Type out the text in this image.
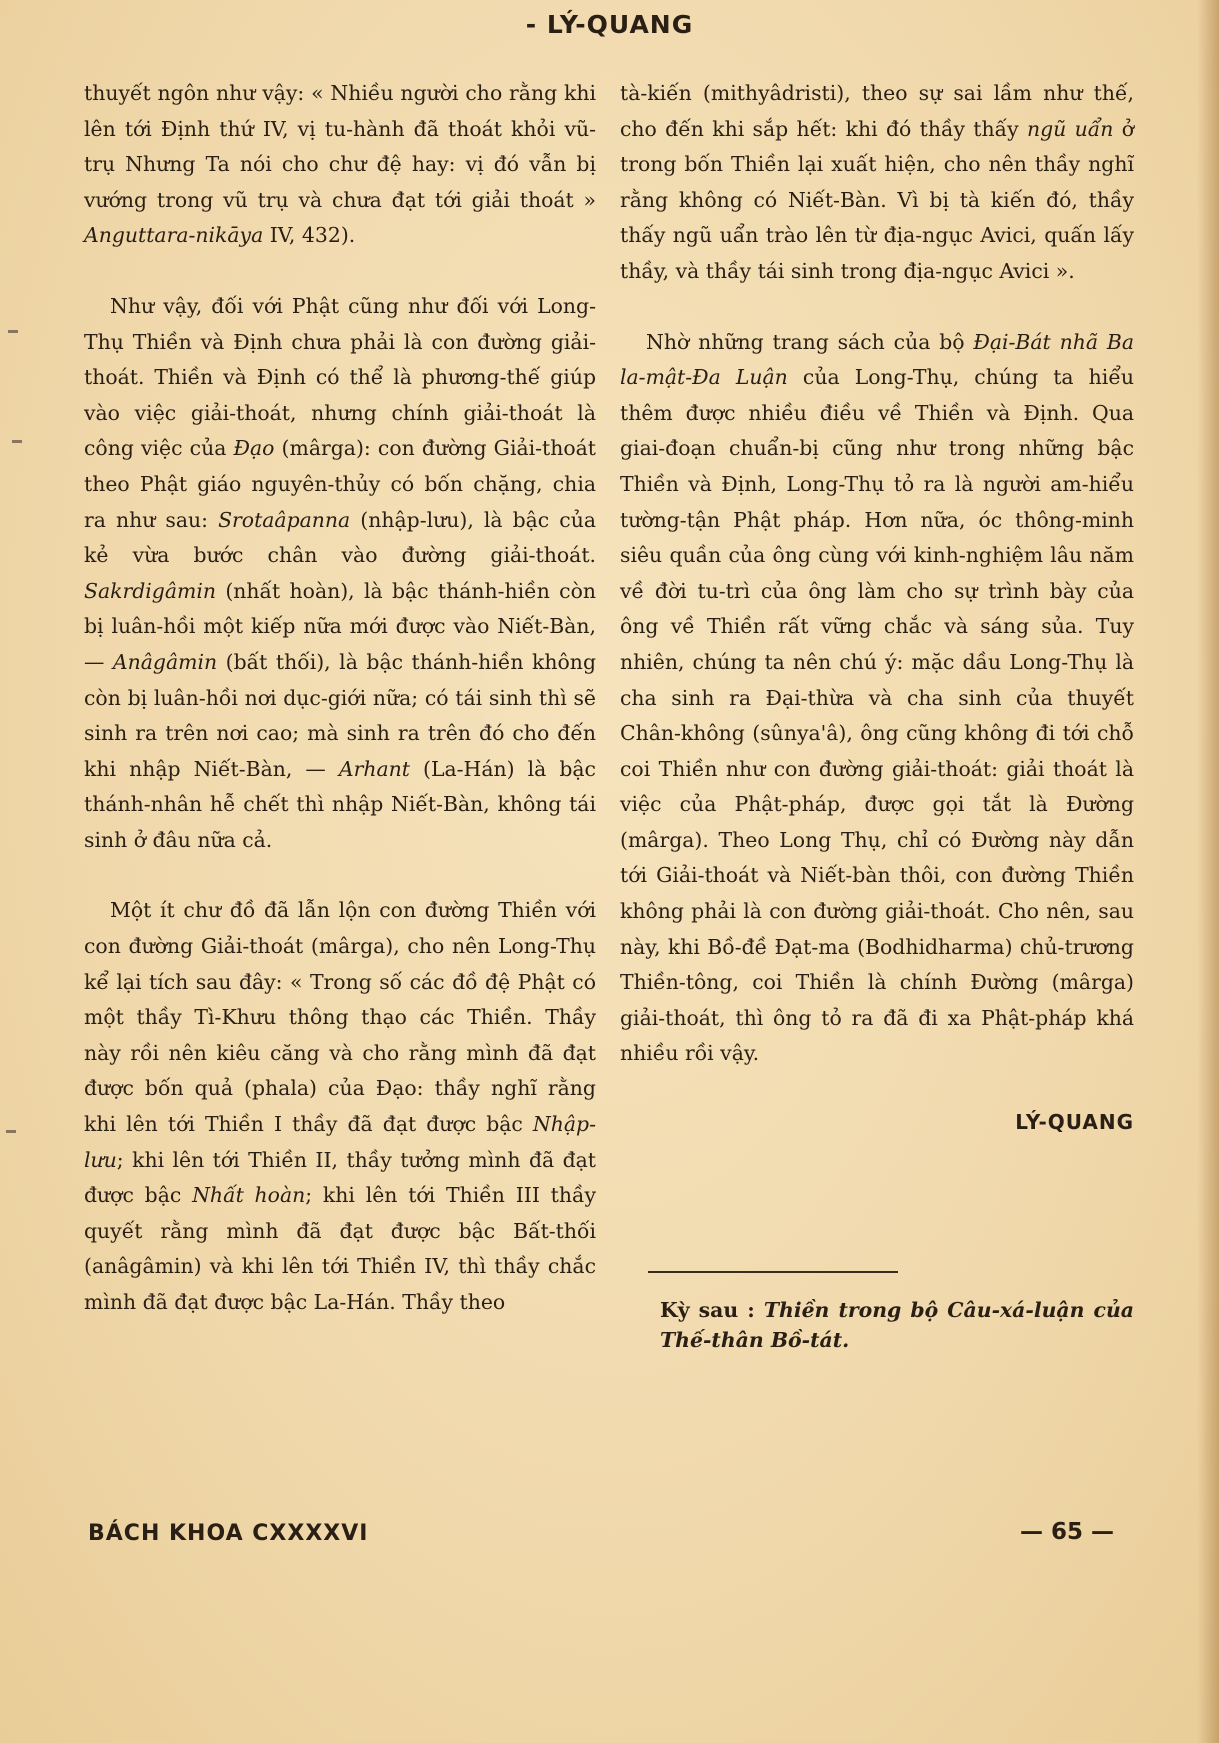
- LÝ-QUANG

thuyết ngôn như vậy: « Nhiều người cho rằng khi lên tới Định thứ IV, vị tu-hành đã thoát khỏi vũ-trụ Nhưng Ta nói cho chư đệ hay: vị đó vẫn bị vướng trong vũ trụ và chưa đạt tới giải thoát » Anguttara-nikāya IV, 432).

Như vậy, đối với Phật cũng như đối với Long-Thụ Thiền và Định chưa phải là con đường giải-thoát. Thiền và Định có thể là phương-thế giúp vào việc giải-thoát, nhưng chính giải-thoát là công việc của Đạo (mârga): con đường Giải-thoát theo Phật giáo nguyên-thủy có bốn chặng, chia ra như sau: Srotaâpanna (nhập-lưu), là bậc của kẻ vừa bước chân vào đường giải-thoát. Sakrdigâmin (nhất hoàn), là bậc thánh-hiền còn bị luân-hồi một kiếp nữa mới được vào Niết-Bàn, — Anâgâmin (bất thối), là bậc thánh-hiền không còn bị luân-hồi nơi dục-giới nữa; có tái sinh thì sẽ sinh ra trên nơi cao; mà sinh ra trên đó cho đến khi nhập Niết-Bàn, — Arhant (La-Hán) là bậc thánh-nhân hễ chết thì nhập Niết-Bàn, không tái sinh ở đâu nữa cả.

Một ít chư đồ đã lẫn lộn con đường Thiền với con đường Giải-thoát (mârga), cho nên Long-Thụ kể lại tích sau đây: « Trong số các đồ đệ Phật có một thầy Tì-Khưu thông thạo các Thiền. Thầy này rồi nên kiêu căng và cho rằng mình đã đạt được bốn quả (phala) của Đạo: thầy nghĩ rằng khi lên tới Thiền I thầy đã đạt được bậc Nhập-lưu; khi lên tới Thiền II, thầy tưởng mình đã đạt được bậc Nhất hoàn; khi lên tới Thiền III thầy quyết rằng mình đã đạt được bậc Bất-thối (anâgâmin) và khi lên tới Thiền IV, thì thầy chắc mình đã đạt được bậc La-Hán. Thầy theo

tà-kiến (mithyâdristi), theo sự sai lầm như thế, cho đến khi sắp hết: khi đó thầy thấy ngũ uẩn ở trong bốn Thiền lại xuất hiện, cho nên thầy nghĩ rằng không có Niết-Bàn. Vì bị tà kiến đó, thầy thấy ngũ uẩn trào lên từ địa-ngục Avici, quấn lấy thầy, và thầy tái sinh trong địa-ngục Avici ».

Nhờ những trang sách của bộ Đại-Bát nhã Ba la-mật-Đa Luận của Long-Thụ, chúng ta hiểu thêm được nhiều điều về Thiền và Định. Qua giai-đoạn chuẩn-bị cũng như trong những bậc Thiền và Định, Long-Thụ tỏ ra là người am-hiểu tường-tận Phật pháp. Hơn nữa, óc thông-minh siêu quần của ông cùng với kinh-nghiệm lâu năm về đời tu-trì của ông làm cho sự trình bày của ông về Thiền rất vững chắc và sáng sủa. Tuy nhiên, chúng ta nên chú ý: mặc dầu Long-Thụ là cha sinh ra Đại-thừa và cha sinh của thuyết Chân-không (sûnya'â), ông cũng không đi tới chỗ coi Thiền như con đường giải-thoát: giải thoát là việc của Phật-pháp, được gọi tắt là Đường (mârga). Theo Long Thụ, chỉ có Đường này dẫn tới Giải-thoát và Niết-bàn thôi, con đường Thiền không phải là con đường giải-thoát. Cho nên, sau này, khi Bồ-đề Đạt-ma (Bodhidharma) chủ-trương Thiền-tông, coi Thiền là chính Đường (mârga) giải-thoát, thì ông tỏ ra đã đi xa Phật-pháp khá nhiều rồi vậy.

LÝ-QUANG
Kỳ sau : Thiền trong bộ Câu-xá-luận của Thế-thân Bồ-tát.
BÁCH KHOA CXXXXVI	— 65 —
